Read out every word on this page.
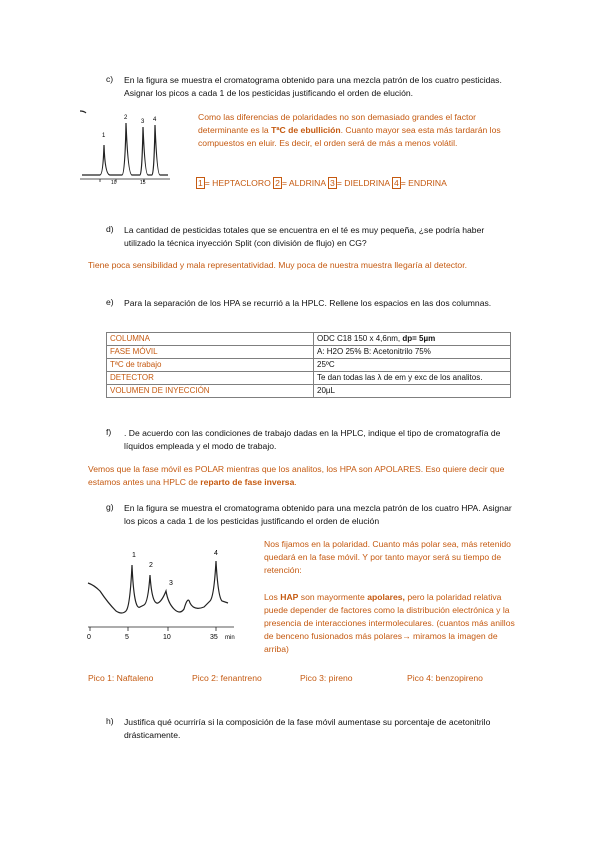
c) En la figura se muestra el cromatograma obtenido para una mezcla patrón de los cuatro pesticidas. Asignar los picos a cada 1 de los pesticidas justificando el orden de elución.
1
2
3 4
10	15
Como las diferencias de polaridades no son demasiado grandes el factor determinante es la TªC de ebullición. Cuanto mayor sea esta más tardarán los compuestos en eluir. Es decir, el orden será de más a menos volátil.
1 = HEPTACLORO 2 = ALDRINA 3 = DIELDRINA 4 = ENDRINA
d) La cantidad de pesticidas totales que se encuentra en el té es muy pequeña, ¿se podría haber utilizado la técnica inyección Split (con división de flujo) en CG?
Tiene poca sensibilidad y mala representatividad. Muy poca de nuestra muestra llegaría al detector.
e) Para la separación de los HPA se recurrió a la HPLC. Rellene los espacios en las dos columnas.
COLUMNA	ODC C18 150 x 4,6nm, dp= 5µm
FASE MÓVIL	A: H2O 25% B: Acetonitrilo 75%
TªC de trabajo	25ºC
DETECTOR	Te dan todas las λ de em y exc de los analitos.
VOLUMEN DE INYECCIÓN	20µL
f) . De acuerdo con las condiciones de trabajo dadas en la HPLC, indique el tipo de cromatografía de líquidos empleada y el modo de trabajo.
Vemos que la fase móvil es POLAR mientras que los analitos, los HPA son APOLARES. Eso quiere decir que estamos antes una HPLC de reparto de fase inversa.
g) En la figura se muestra el cromatograma obtenido para una mezcla patrón de los cuatro HPA. Asignar los picos a cada 1 de los pesticidas justificando el orden de elución
1
2
3
4
0	5	10	35 min
Nos fijamos en la polaridad. Cuanto más polar sea, más retenido quedará en la fase móvil. Y por tanto mayor será su tiempo de retención:
Los HAP son mayormente apolares, pero la polaridad relativa puede depender de factores como la distribución electrónica y la presencia de interacciones intermoleculares. (cuantos más anillos de benceno fusionados más polares→ miramos la imagen de arriba)
Pico 1: Naftaleno	Pico 2: fenantreno	Pico 3: pireno	Pico 4: benzopireno
h) Justifica qué ocurriría si la composición de la fase móvil aumentase su porcentaje de acetonitrilo drásticamente.
